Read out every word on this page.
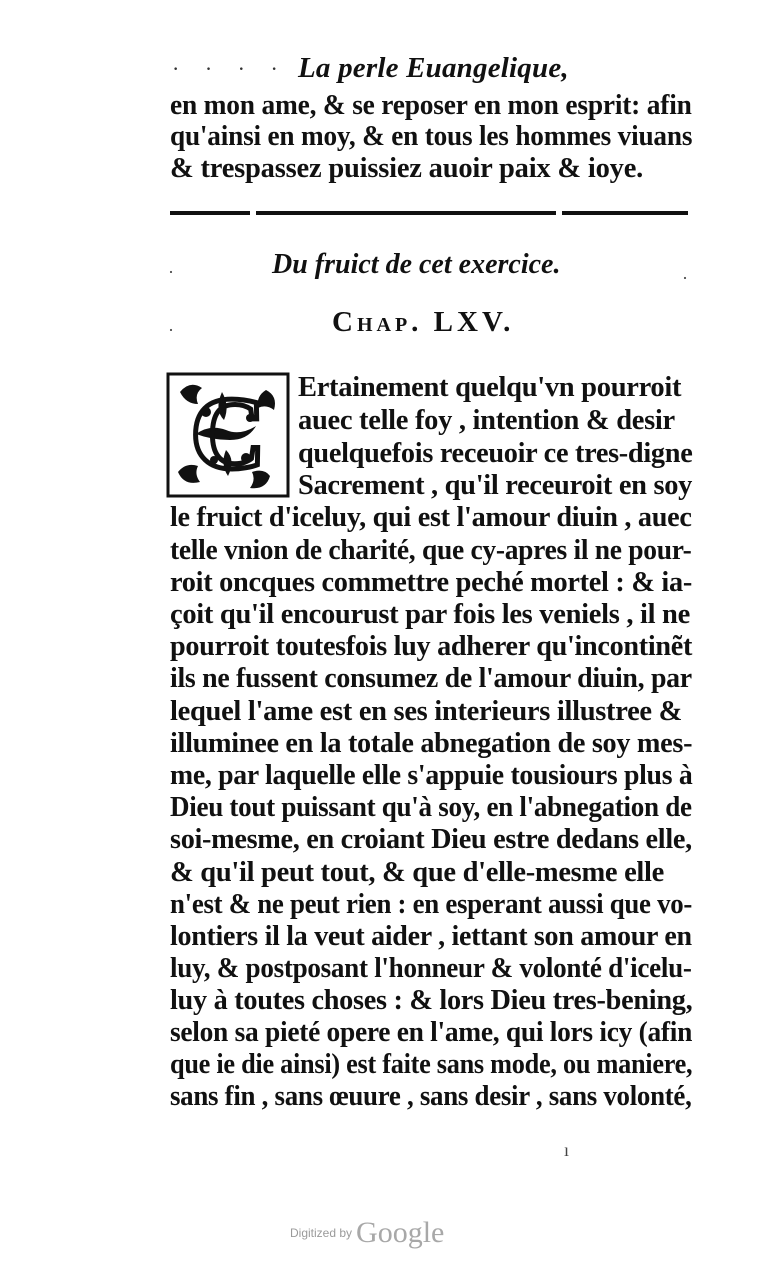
· · · · La perle Euangelique,
en mon ame, & se reposer en mon esprit: afin
qu'ainsi en moy, & en tous les hommes viuans
& trespassez puissiez auoir paix & ioye.
·
·
·
ı
Du fruict de cet exercice.
Chap. LXV.
C Ertainement quelqu'vn pourroit
auec telle foy , intention & desir
quelquefois receuoir ce tres-digne
Sacrement , qu'il receuroit en soy
le fruict d'iceluy, qui est l'amour diuin , auec
telle vnion de charité, que cy-apres il ne pour-
roit oncques commettre peché mortel : & ia-
çoit qu'il encourust par fois les veniels , il ne
pourroit toutesfois luy adherer qu'incontinẽt
ils ne fussent consumez de l'amour diuin, par
lequel l'ame est en ses interieurs illustree &
illuminee en la totale abnegation de soy mes-
me, par laquelle elle s'appuie tousiours plus à
Dieu tout puissant qu'à soy, en l'abnegation de
soi-mesme, en croiant Dieu estre dedans elle,
& qu'il peut tout, & que d'elle-mesme elle
n'est & ne peut rien : en esperant aussi que vo-
lontiers il la veut aider , iettant son amour en
luy, & postposant l'honneur & volonté d'icelu-
luy à toutes choses : & lors Dieu tres-bening,
selon sa pieté opere en l'ame, qui lors icy (afin
que ie die ainsi) est faite sans mode, ou maniere,
sans fin , sans œuure , sans desir , sans volonté,
Digitized by Google
